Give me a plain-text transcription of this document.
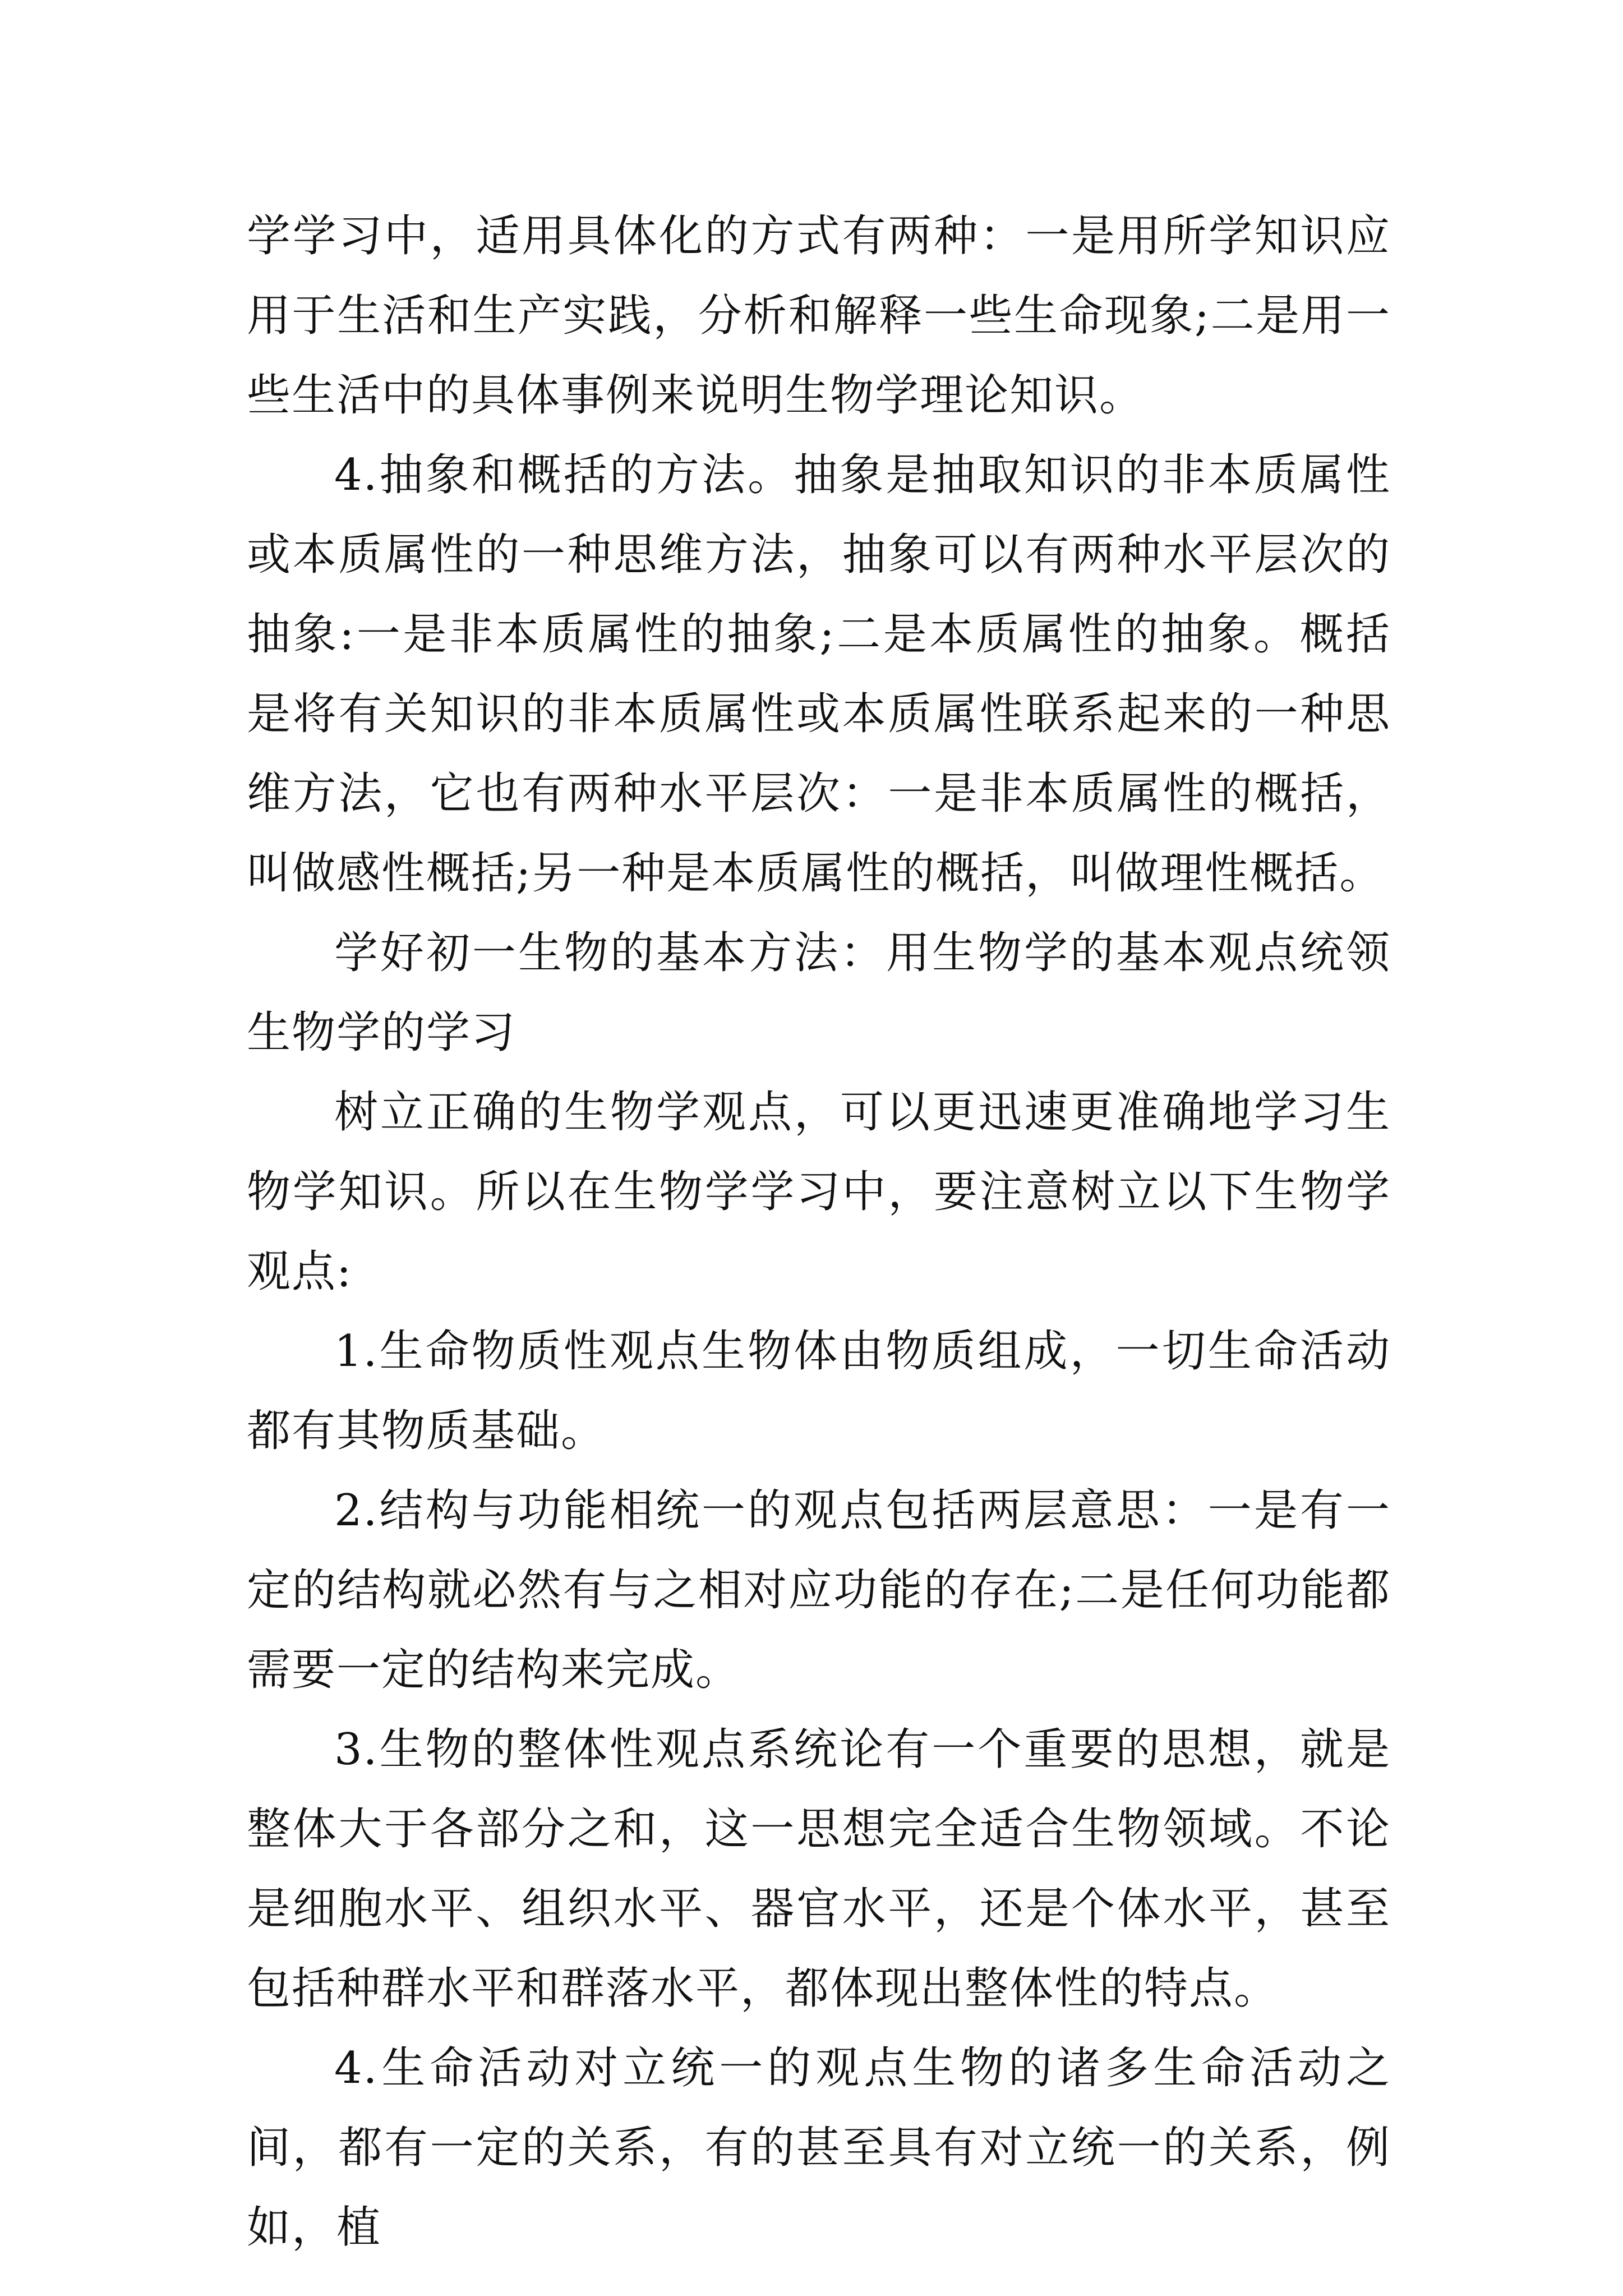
学学习中，适用具体化的方式有两种：一是用所学知识应用于生活和生产实践，分析和解释一些生命现象;二是用一些生活中的具体事例来说明生物学理论知识。

4.抽象和概括的方法。抽象是抽取知识的非本质属性或本质属性的一种思维方法，抽象可以有两种水平层次的抽象:一是非本质属性的抽象;二是本质属性的抽象。概括是将有关知识的非本质属性或本质属性联系起来的一种思维方法，它也有两种水平层次：一是非本质属性的概括，叫做感性概括;另一种是本质属性的概括，叫做理性概括。

学好初一生物的基本方法：用生物学的基本观点统领生物学的学习

树立正确的生物学观点，可以更迅速更准确地学习生物学知识。所以在生物学学习中，要注意树立以下生物学观点:

1.生命物质性观点生物体由物质组成，一切生命活动都有其物质基础。

2.结构与功能相统一的观点包括两层意思：一是有一定的结构就必然有与之相对应功能的存在;二是任何功能都需要一定的结构来完成。

3.生物的整体性观点系统论有一个重要的思想，就是整体大于各部分之和，这一思想完全适合生物领域。不论是细胞水平、组织水平、器官水平，还是个体水平，甚至包括种群水平和群落水平，都体现出整体性的特点。

4.生命活动对立统一的观点生物的诸多生命活动之间，都有一定的关系，有的甚至具有对立统一的关系，例如，植
